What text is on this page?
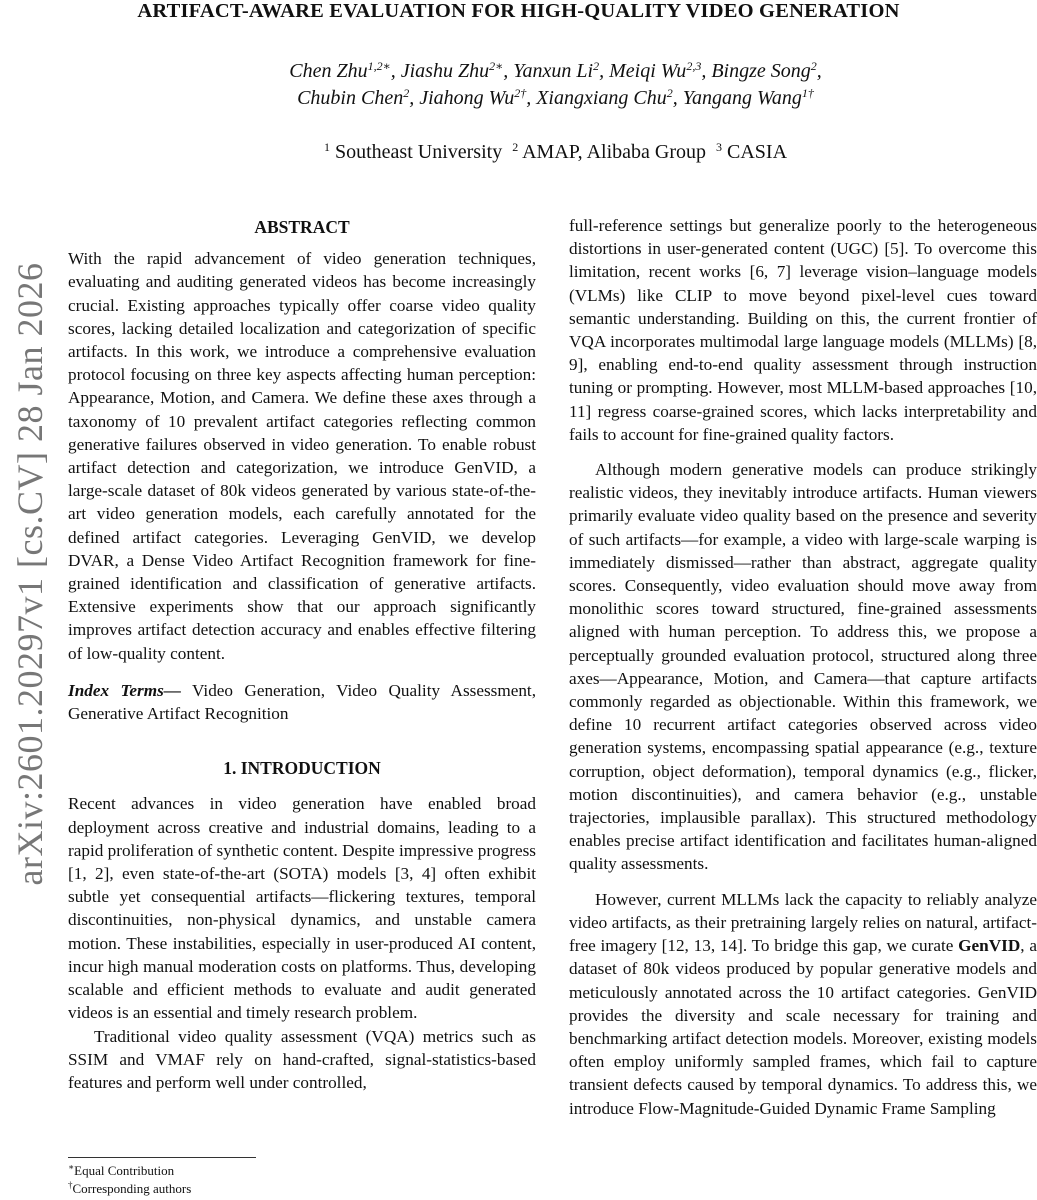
ARTIFACT-AWARE EVALUATION FOR HIGH-QUALITY VIDEO GENERATION
Chen Zhu$^{1,2∗}$, Jiashu Zhu$^{2∗}$, Yanxun Li$^2$, Meiqi Wu$^{2,3}$, Bingze Song$^2$,
Chubin Chen$^2$, Jiahong $Wu^{2\dagger}$, Xiangxiang Chu$^2$, Yangang Wang$^{1\dagger}$
$^1$ Southeast University $^2$ AMAP, Alibaba Group $^3$ CASIA
arXiv:2601.20297v1 [cs.CV] 28 Jan 2026
ABSTRACT

With the rapid advancement of video generation techniques, evaluating and auditing generated videos has become increasingly crucial. Existing approaches typically offer coarse video quality scores, lacking detailed localization and categorization of specific artifacts. In this work, we introduce a comprehensive evaluation protocol focusing on three key aspects affecting human perception: Appearance, Motion, and Camera. We define these axes through a taxonomy of 10 prevalent artifact categories reflecting common generative failures observed in video generation. To enable robust artifact detection and categorization, we introduce GenVID, a large-scale dataset of 80k videos generated by various state-of-the-art video generation models, each carefully annotated for the defined artifact categories. Leveraging GenVID, we develop DVAR, a Dense Video Artifact Recognition framework for fine-grained identification and classification of generative artifacts. Extensive experiments show that our approach significantly improves artifact detection accuracy and enables effective filtering of low-quality content.

Index Terms— Video Generation, Video Quality Assessment, Generative Artifact Recognition

1. INTRODUCTION

Recent advances in video generation have enabled broad deployment across creative and industrial domains, leading to a rapid proliferation of synthetic content. Despite impressive progress [1, 2], even state-of-the-art (SOTA) models [3, 4] often exhibit subtle yet consequential artifacts—flickering textures, temporal discontinuities, non-physical dynamics, and unstable camera motion. These instabilities, especially in user-produced AI content, incur high manual moderation costs on platforms. Thus, developing scalable and efficient methods to evaluate and audit generated videos is an essential and timely research problem.

Traditional video quality assessment (VQA) metrics such as SSIM and VMAF rely on hand-crafted, signal-statistics-based features and perform well under controlled,

full-reference settings but generalize poorly to the heterogeneous distortions in user-generated content (UGC) [5]. To overcome this limitation, recent works [6, 7] leverage vision–language models (VLMs) like CLIP to move beyond pixel-level cues toward semantic understanding. Building on this, the current frontier of VQA incorporates multimodal large language models (MLLMs) [8, 9], enabling end-to-end quality assessment through instruction tuning or prompting. However, most MLLM-based approaches [10, 11] regress coarse-grained scores, which lacks interpretability and fails to account for fine-grained quality factors.

Although modern generative models can produce strikingly realistic videos, they inevitably introduce artifacts. Human viewers primarily evaluate video quality based on the presence and severity of such artifacts—for example, a video with large-scale warping is immediately dismissed—rather than abstract, aggregate quality scores. Consequently, video evaluation should move away from monolithic scores toward structured, fine-grained assessments aligned with human perception. To address this, we propose a perceptually grounded evaluation protocol, structured along three axes—Appearance, Motion, and Camera—that capture artifacts commonly regarded as objectionable. Within this framework, we define 10 recurrent artifact categories observed across video generation systems, encompassing spatial appearance (e.g., texture corruption, object deformation), temporal dynamics (e.g., flicker, motion discontinuities), and camera behavior (e.g., unstable trajectories, implausible parallax). This structured methodology enables precise artifact identification and facilitates human-aligned quality assessments.

However, current MLLMs lack the capacity to reliably analyze video artifacts, as their pretraining largely relies on natural, artifact-free imagery [12, 13, 14]. To bridge this gap, we curate GenVID, a dataset of 80k videos produced by popular generative models and meticulously annotated across the 10 artifact categories. GenVID provides the diversity and scale necessary for training and benchmarking artifact detection models. Moreover, existing models often employ uniformly sampled frames, which fail to capture transient defects caused by temporal dynamics. To address this, we introduce Flow-Magnitude-Guided Dynamic Frame Sampling

∗Equal Contribution
†Corresponding authors
